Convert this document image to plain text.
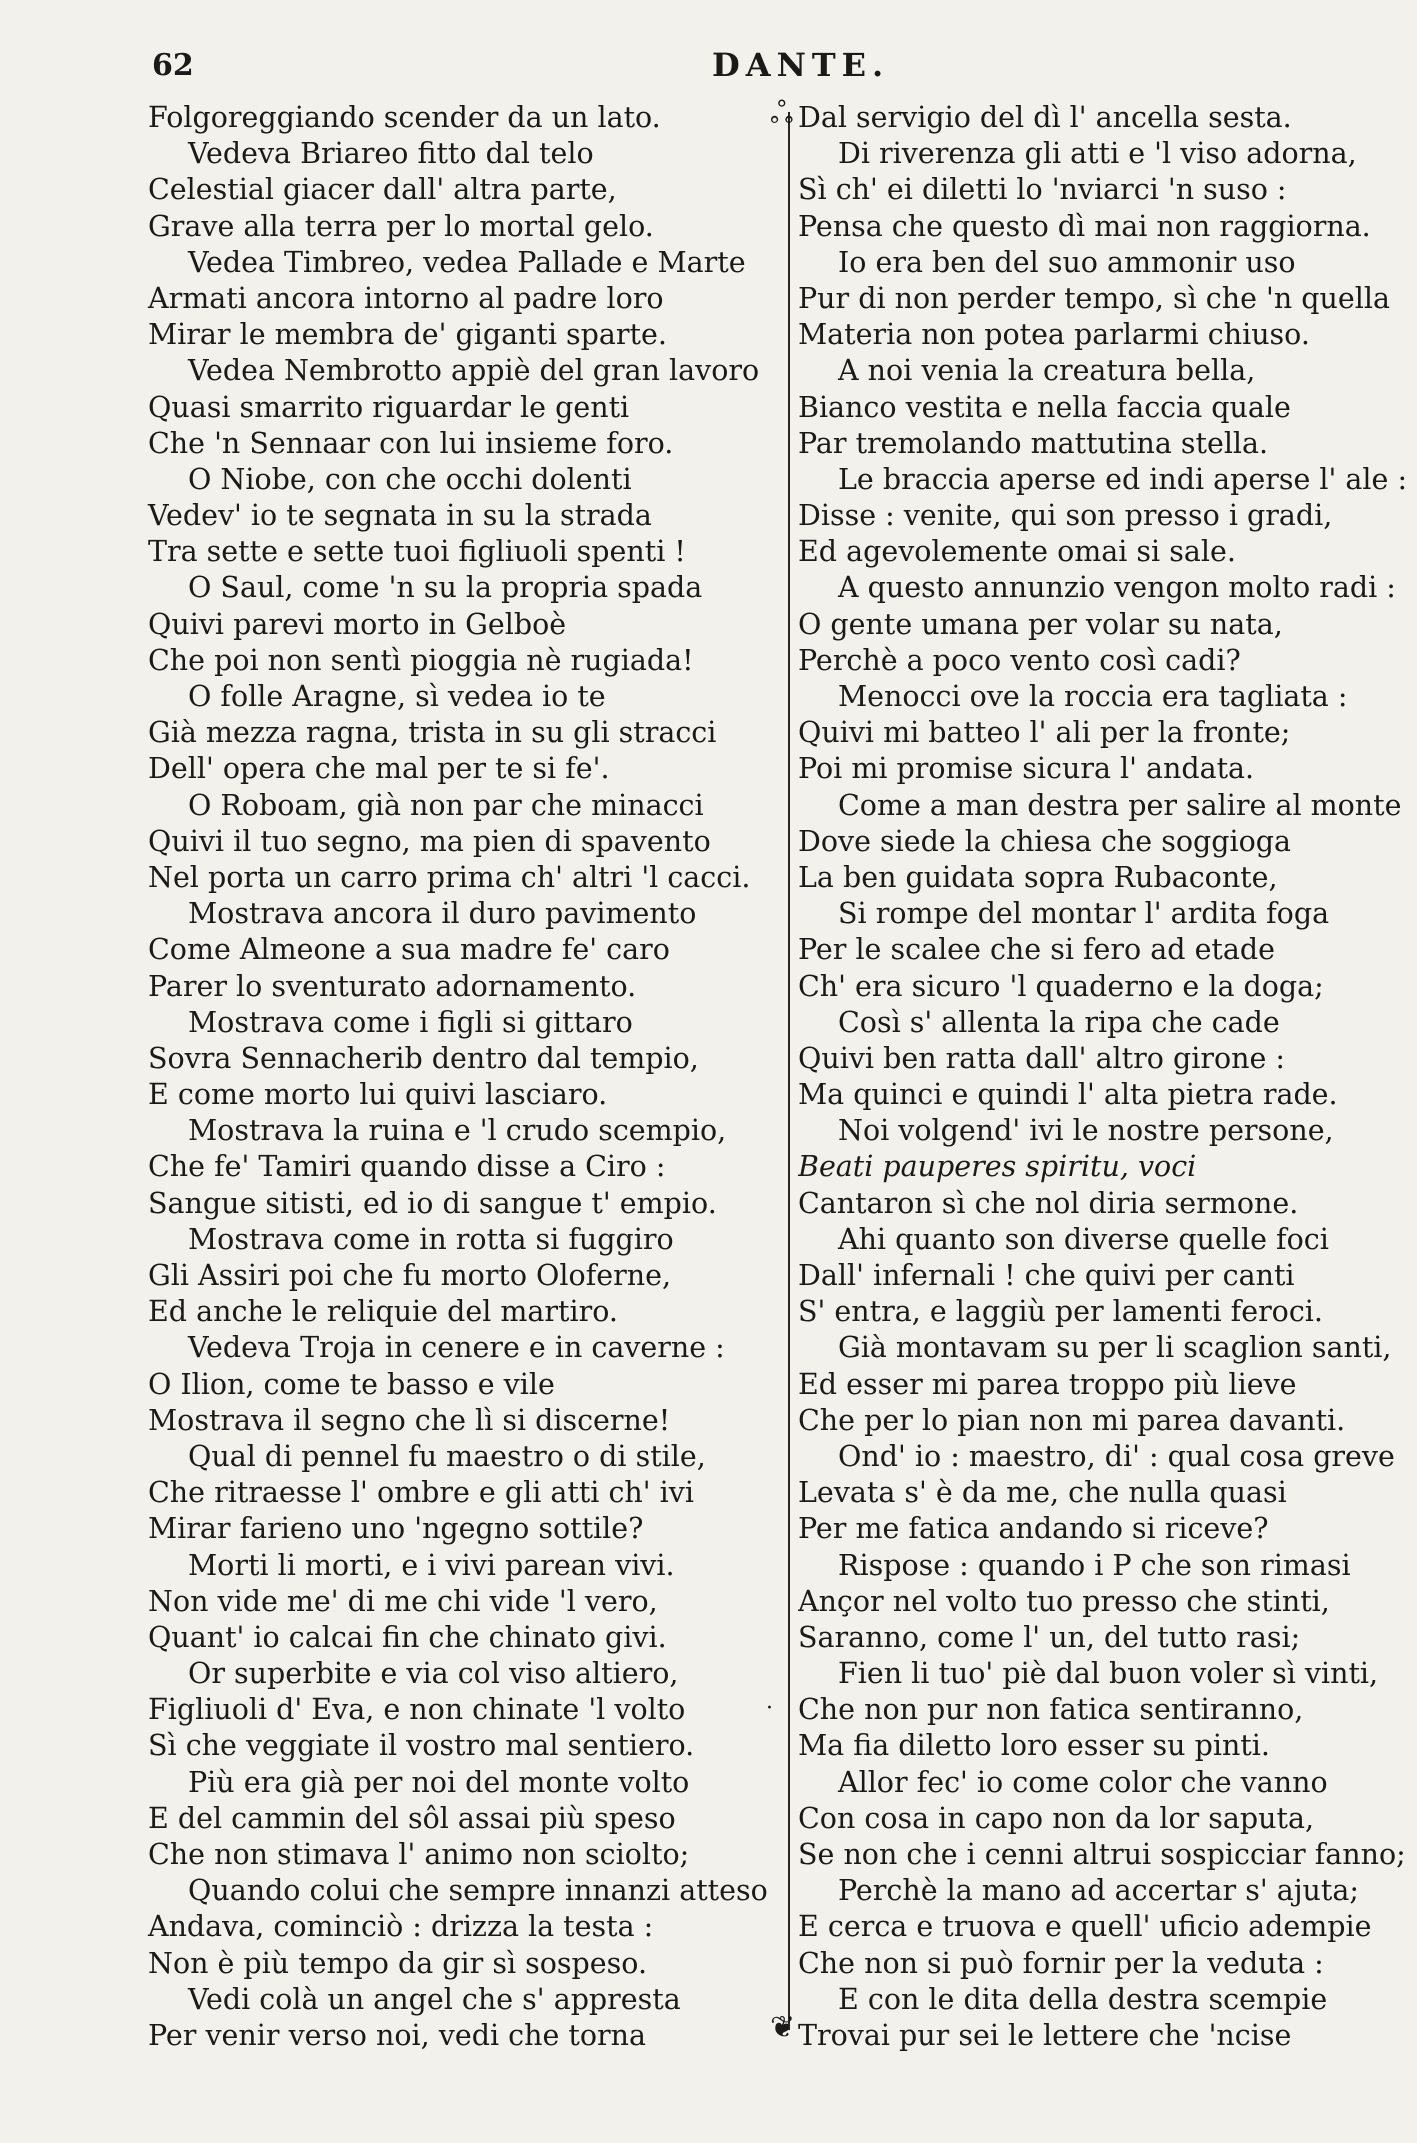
62	DANTE.
ஃ
❦
·
Folgoreggiando scender da un lato.
Vedeva Briareo fitto dal telo
Celestial giacer dall' altra parte,
Grave alla terra per lo mortal gelo.
Vedea Timbreo, vedea Pallade e Marte
Armati ancora intorno al padre loro
Mirar le membra de' giganti sparte.
Vedea Nembrotto appiè del gran lavoro
Quasi smarrito riguardar le genti
Che 'n Sennaar con lui insieme foro.
O Niobe, con che occhi dolenti
Vedev' io te segnata in su la strada
Tra sette e sette tuoi figliuoli spenti !
O Saul, come 'n su la propria spada
Quivi parevi morto in Gelboè
Che poi non sentì pioggia nè rugiada!
O folle Aragne, sì vedea io te
Già mezza ragna, trista in su gli stracci
Dell' opera che mal per te si fe'.
O Roboam, già non par che minacci
Quivi il tuo segno, ma pien di spavento
Nel porta un carro prima ch' altri 'l cacci.
Mostrava ancora il duro pavimento
Come Almeone a sua madre fe' caro
Parer lo sventurato adornamento.
Mostrava come i figli si gittaro
Sovra Sennacherib dentro dal tempio,
E come morto lui quivi lasciaro.
Mostrava la ruina e 'l crudo scempio,
Che fe' Tamiri quando disse a Ciro :
Sangue sitisti, ed io di sangue t' empio.
Mostrava come in rotta si fuggiro
Gli Assiri poi che fu morto Oloferne,
Ed anche le reliquie del martiro.
Vedeva Troja in cenere e in caverne :
O Ilion, come te basso e vile
Mostrava il segno che lì si discerne!
Qual di pennel fu maestro o di stile,
Che ritraesse l' ombre e gli atti ch' ivi
Mirar farieno uno 'ngegno sottile?
Morti li morti, e i vivi parean vivi.
Non vide me' di me chi vide 'l vero,
Quant' io calcai fin che chinato givi.
Or superbite e via col viso altiero,
Figliuoli d' Eva, e non chinate 'l volto
Sì che veggiate il vostro mal sentiero.
Più era già per noi del monte volto
E del cammin del sôl assai più speso
Che non stimava l' animo non sciolto;
Quando colui che sempre innanzi atteso
Andava, cominciò : drizza la testa :
Non è più tempo da gir sì sospeso.
Vedi colà un angel che s' appresta
Per venir verso noi, vedi che torna
Dal servigio del dì l' ancella sesta.
Di riverenza gli atti e 'l viso adorna,
Sì ch' ei diletti lo 'nviarci 'n suso :
Pensa che questo dì mai non raggiorna.
Io era ben del suo ammonir uso
Pur di non perder tempo, sì che 'n quella
Materia non potea parlarmi chiuso.
A noi venia la creatura bella,
Bianco vestita e nella faccia quale
Par tremolando mattutina stella.
Le braccia aperse ed indi aperse l' ale :
Disse : venite, qui son presso i gradi,
Ed agevolemente omai si sale.
A questo annunzio vengon molto radi :
O gente umana per volar su nata,
Perchè a poco vento così cadi?
Menocci ove la roccia era tagliata :
Quivi mi batteo l' ali per la fronte;
Poi mi promise sicura l' andata.
Come a man destra per salire al monte
Dove siede la chiesa che soggioga
La ben guidata sopra Rubaconte,
Si rompe del montar l' ardita foga
Per le scalee che si fero ad etade
Ch' era sicuro 'l quaderno e la doga;
Così s' allenta la ripa che cade
Quivi ben ratta dall' altro girone :
Ma quinci e quindi l' alta pietra rade.
Noi volgend' ivi le nostre persone,
Beati pauperes spiritu, voci
Cantaron sì che nol diria sermone.
Ahi quanto son diverse quelle foci
Dall' infernali ! che quivi per canti
S' entra, e laggiù per lamenti feroci.
Già montavam su per li scaglion santi,
Ed esser mi parea troppo più lieve
Che per lo pian non mi parea davanti.
Ond' io : maestro, di' : qual cosa greve
Levata s' è da me, che nulla quasi
Per me fatica andando si riceve?
Rispose : quando i P che son rimasi
Ançor nel volto tuo presso che stinti,
Saranno, come l' un, del tutto rasi;
Fien li tuo' piè dal buon voler sì vinti,
Che non pur non fatica sentiranno,
Ma fia diletto loro esser su pinti.
Allor fec' io come color che vanno
Con cosa in capo non da lor saputa,
Se non che i cenni altrui sospicciar fanno;
Perchè la mano ad accertar s' ajuta;
E cerca e truova e quell' uficio adempie
Che non si può fornir per la veduta :
E con le dita della destra scempie
Trovai pur sei le lettere che 'ncise
